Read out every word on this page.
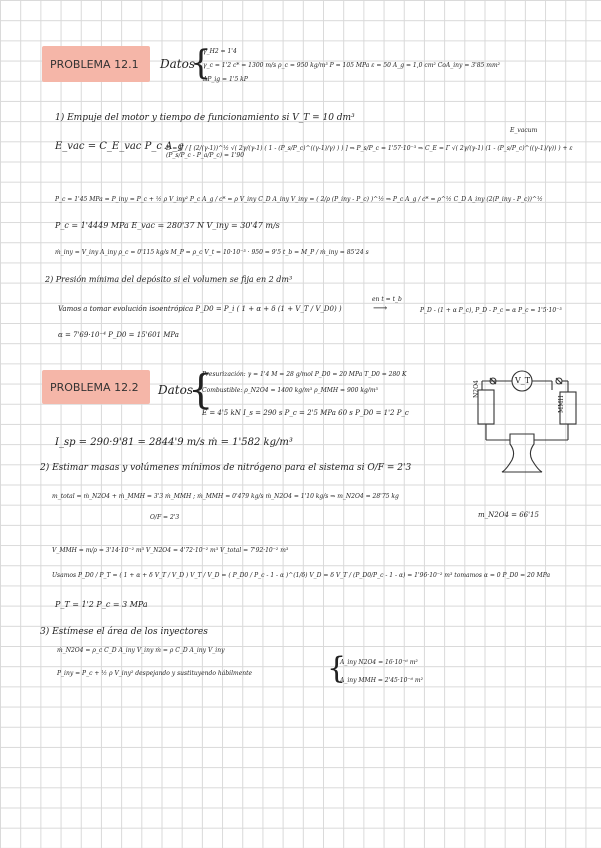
PROBLEMA 12.1	Datos
{
γ_H2 = 1'4
γ_c = 1'2 c* = 1300 m/s ρ_c = 950 kg/m³ P = 105 MPa ε = 50 A_g = 1,0 cm² CoA_iny = 3'85 mm²
ΔP_ig = 1'5 kP
1) Empuje del motor y tiempo de funcionamiento si V_T = 10 dm³
E_vac = C_E_vac P_c A_g
E = Γ / [ (2/(γ-1))^½ √( 2γ/(γ-1) ( 1 - (P_s/P_c)^((γ-1)/γ) ) ) ] ⇒ P_s/P_c = 1'57·10⁻³ ⇒ C_E = Γ √( 2γ/(γ-1) (1 - (P_s/P_c)^((γ-1)/γ)) ) + ε (P_s/P_c - P_a/P_c) = 1'90
E_vacum
P_c = 1'45 MPa = P_iny = P_c + ½ ρ V_iny² P_c A_g / c* = ρ V_iny C_D A_iny V_iny = ( 2/ρ (P_iny - P_c) )^½ ⇒ P_c A_g / c* = ρ^½ C_D A_iny (2(P_iny - P_c))^½
P_c = 1'4449 MPa E_vac = 280'37 N V_iny = 30'47 m/s
ṁ_iny = V_iny A_iny ρ_c = 0'115 kg/s M_P = ρ_c V_t = 10·10⁻³ · 950 = 9'5 t_b = M_P / ṁ_iny = 85'24 s
2) Presión mínima del depósito si el volumen se fija en 2 dm³
Vamos a tomar evolución isoentrópica P_D0 = P_i ( 1 + α + δ (1 + V_T / V_D0) )
en t = t_b
⟶	P_D - (1 + α P_c), P_D - P_c = α P_c = 1'5·10⁻³
α = 7'69·10⁻⁴ P_D0 = 15'601 MPa
PROBLEMA 12.2	Datos
{
Presurización: γ = 1'4 M = 28 g/mol P_D0 = 20 MPa T_D0 = 280 K
Combustible: ρ_N2O4 = 1400 kg/m³ ρ_MMH = 900 kg/m³
E = 4'5 kN I_s = 290 s P_c = 2'5 MPa 60 s P_D0 = 1'2 P_c
V_T
N2O4
MMH
I_sp = 290·9'81 = 2844'9 m/s ṁ = 1'582 kg/m³
2) Estimar masas y volúmenes mínimos de nitrógeno para el sistema si O/F = 2'3
m_total = ṁ_N2O4 + ṁ_MMH = 3'3 ṁ_MMH ; ṁ_MMH = 0'479 kg/s ṁ_N2O4 = 1'10 kg/s ⇒ m_N2O4 = 28'75 kg
O/F = 2'3	m_N2O4 = 66'15
V_MMH = m/ρ = 3'14·10⁻² m³ V_N2O4 = 4'72·10⁻² m³ V_total = 7'92·10⁻² m³
Usamos P_D0 / P_T = ( 1 + α + δ V_T / V_D ) V_T / V_D = ( P_D0 / P_c - 1 - α )^(1/δ) V_D = δ V_T / (P_D0/P_c - 1 - α) = 1'96·10⁻² m³ tomamos α = 0 P_D0 = 20 MPa
P_T = 1'2 P_c = 3 MPa
3) Estímese el área de los inyectores
ṁ_N2O4 = ρ_c C_D A_iny V_iny ṁ = ρ C_D A_iny V_iny
P_iny = P_c + ½ ρ V_iny² despejando y sustituyendo hábilmente {
A_iny N2O4 = 16·10⁻⁶ m²
A_iny MMH = 2'45·10⁻⁶ m²
